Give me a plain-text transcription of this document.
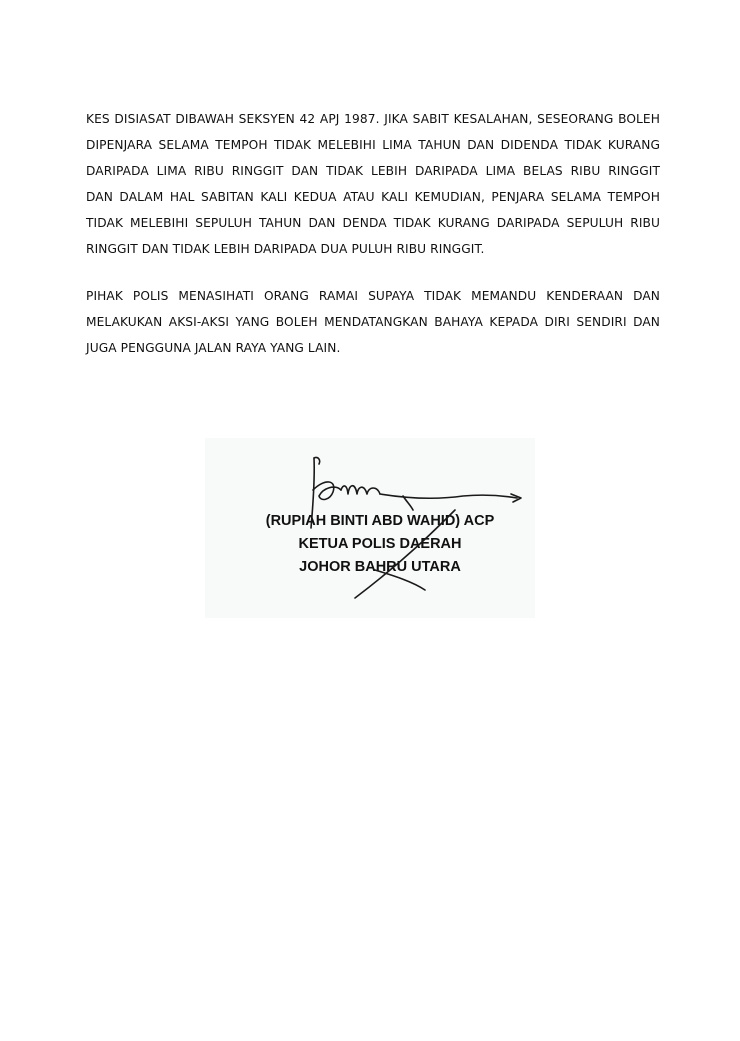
KES DISIASAT DIBAWAH SEKSYEN 42 APJ 1987. JIKA SABIT KESALAHAN, SESEORANG BOLEH
DIPENJARA SELAMA TEMPOH TIDAK MELEBIHI LIMA TAHUN DAN DIDENDA TIDAK KURANG
DARIPADA LIMA RIBU RINGGIT DAN TIDAK LEBIH DARIPADA LIMA BELAS RIBU RINGGIT
DAN DALAM HAL SABITAN KALI KEDUA ATAU KALI KEMUDIAN, PENJARA SELAMA TEMPOH
TIDAK MELEBIHI SEPULUH TAHUN DAN DENDA TIDAK KURANG DARIPADA SEPULUH RIBU
RINGGIT DAN TIDAK LEBIH DARIPADA DUA PULUH RIBU RINGGIT.
PIHAK POLIS MENASIHATI ORANG RAMAI SUPAYA TIDAK MEMANDU KENDERAAN DAN
MELAKUKAN AKSI-AKSI YANG BOLEH MENDATANGKAN BAHAYA KEPADA DIRI SENDIRI DAN
JUGA PENGGUNA JALAN RAYA YANG LAIN.
(RUPIAH BINTI ABD WAHID) ACP
KETUA POLIS DAERAH
JOHOR BAHRU UTARA
